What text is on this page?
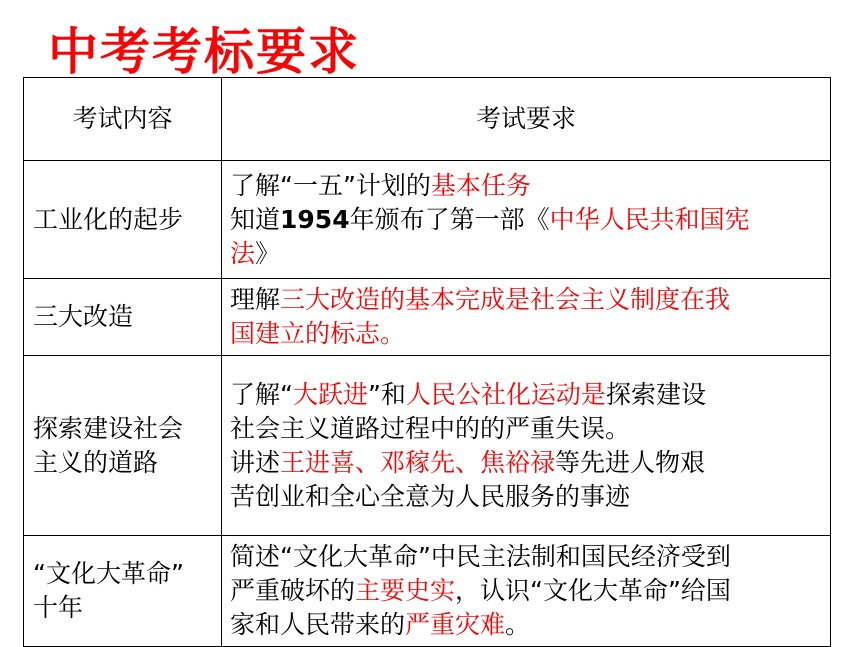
中考考标要求
考试内容	考试要求
工业化的起步	了解“一五”计划的基本任务
知道1954年颁布了第一部《中华人民共和国宪
法》

三大改造	理解三大改造的基本完成是社会主义制度在我
国建立的标志。

探索建设社会
主义的道路	了解“大跃进”和人民公社化运动是探索建设
社会主义道路过程中的的严重失误。
讲述王进喜、邓稼先、焦裕禄等先进人物艰
苦创业和全心全意为人民服务的事迹

“文化大革命”
十年	简述“文化大革命”中民主法制和国民经济受到
严重破坏的主要史实，认识“文化大革命”给国
家和人民带来的严重灾难。
